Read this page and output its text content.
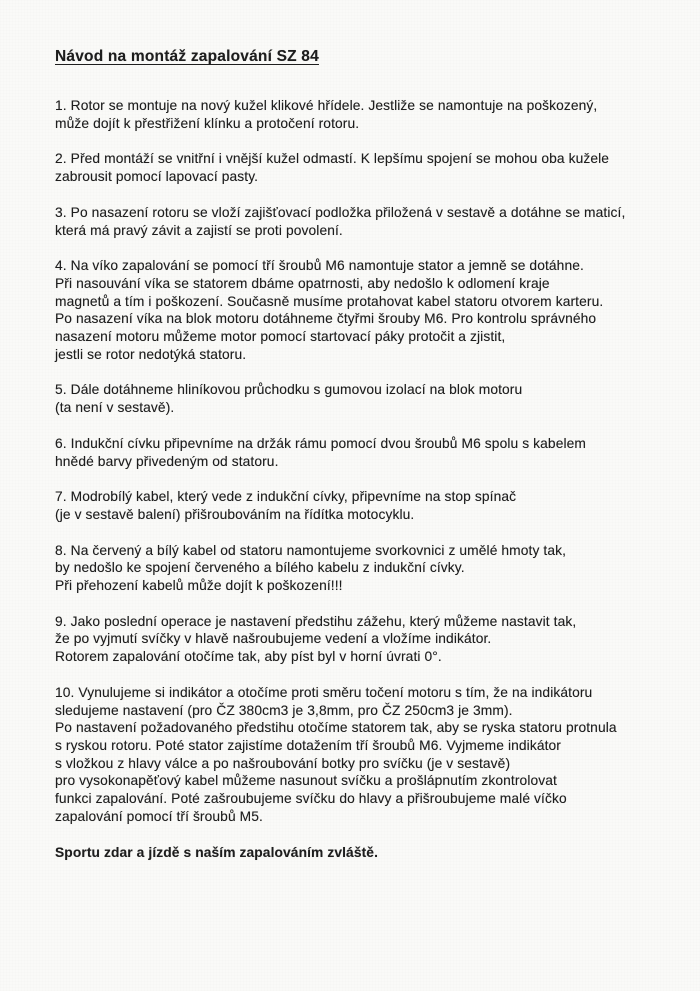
Návod na montáž zapalování SZ 84
1. Rotor se montuje na nový kužel klikové hřídele. Jestliže se namontuje na poškozený,
může dojít k přestřižení klínku a protočení rotoru.
2. Před montáží se vnitřní i vnější kužel odmastí. K lepšímu spojení se mohou oba kužele
zabrousit pomocí lapovací pasty.
3. Po nasazení rotoru se vloží zajišťovací podložka přiložená v sestavě a dotáhne se maticí,
která má pravý závit a zajistí se proti povolení.
4. Na víko zapalování se pomocí tří šroubů M6 namontuje stator a jemně se dotáhne.
Při nasouvání víka se statorem dbáme opatrnosti, aby nedošlo k odlomení kraje
magnetů a tím i poškození. Současně musíme protahovat kabel statoru otvorem karteru.
Po nasazení víka na blok motoru dotáhneme čtyřmi šrouby M6. Pro kontrolu správného
nasazení motoru můžeme motor pomocí startovací páky protočit a zjistit,
jestli se rotor nedotýká statoru.
5. Dále dotáhneme hliníkovou průchodku s gumovou izolací na blok motoru
(ta není v sestavě).
6. Indukční cívku připevníme na držák rámu pomocí dvou šroubů M6 spolu s kabelem
hnědé barvy přivedeným od statoru.
7. Modrobílý kabel, který vede z indukční cívky, připevníme na stop spínač
(je v sestavě balení) přišroubováním na řídítka motocyklu.
8. Na červený a bílý kabel od statoru namontujeme svorkovnici z umělé hmoty tak,
by nedošlo ke spojení červeného a bílého kabelu z indukční cívky.
Při přehození kabelů může dojít k poškození!!!
9. Jako poslední operace je nastavení předstihu zážehu, který můžeme nastavit tak,
že po vyjmutí svíčky v hlavě našroubujeme vedení a vložíme indikátor.
Rotorem zapalování otočíme tak, aby píst byl v horní úvrati 0°.
10. Vynulujeme si indikátor a otočíme proti směru točení motoru s tím, že na indikátoru
sledujeme nastavení (pro ČZ 380cm3 je 3,8mm, pro ČZ 250cm3 je 3mm).
Po nastavení požadovaného předstihu otočíme statorem tak, aby se ryska statoru protnula
s ryskou rotoru. Poté stator zajistíme dotažením tří šroubů M6. Vyjmeme indikátor
s vložkou z hlavy válce a po našroubování botky pro svíčku (je v sestavě)
pro vysokonapěťový kabel můžeme nasunout svíčku a prošlápnutím zkontrolovat
funkci zapalování. Poté zašroubujeme svíčku do hlavy a přišroubujeme malé víčko
zapalování pomocí tří šroubů M5.

Sportu zdar a jízdě s naším zapalováním zvláště.
